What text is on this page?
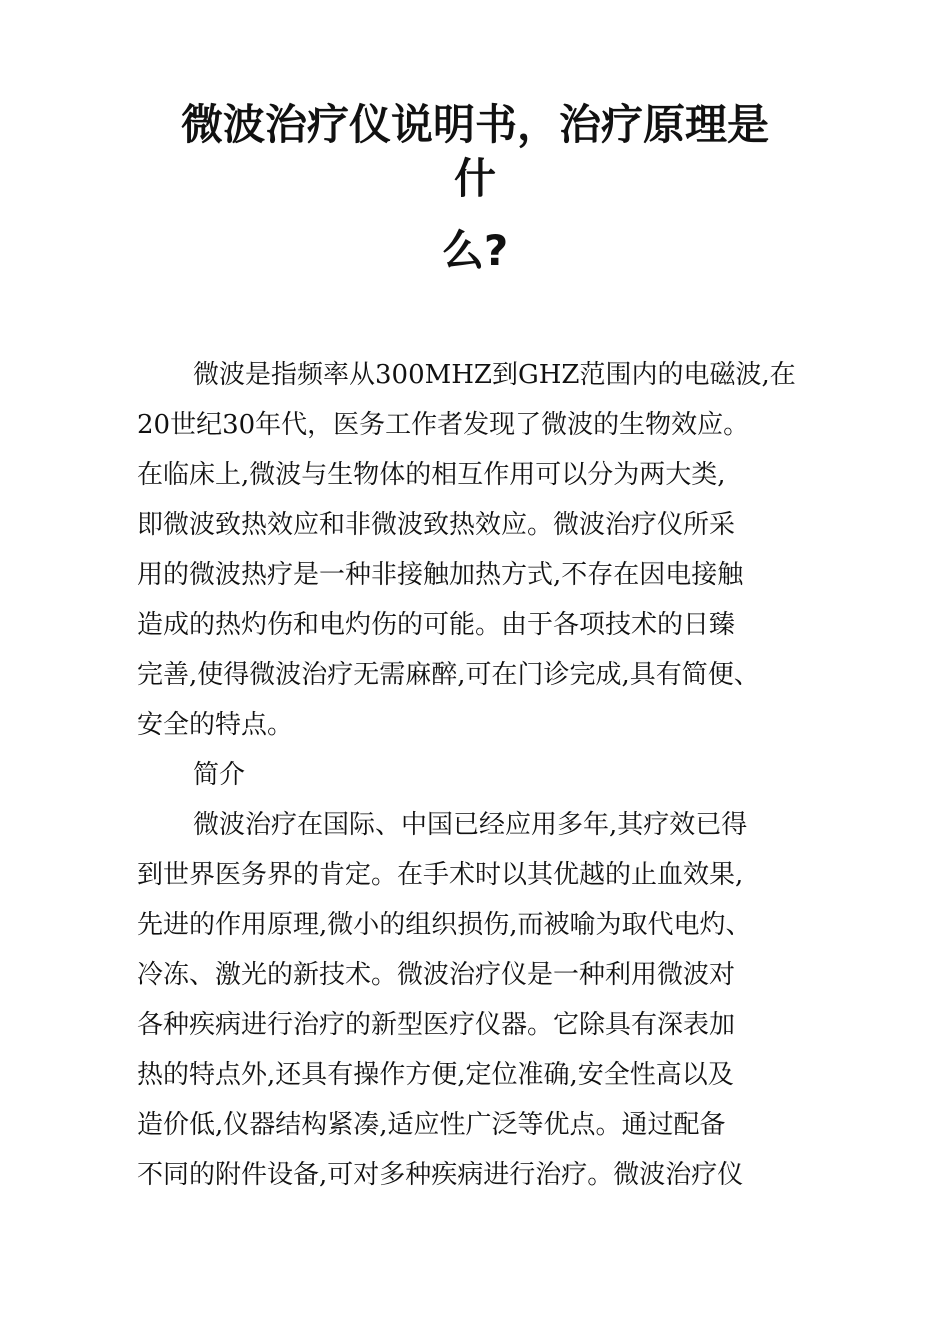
微波治疗仪说明书，治疗原理是
什
么?

微波是指频率从300MHZ到GHZ范围内的电磁波,在

20世纪30年代，医务工作者发现了微波的生物效应。

在临床上,微波与生物体的相互作用可以分为两大类,

即微波致热效应和非微波致热效应。微波治疗仪所采

用的微波热疗是一种非接触加热方式,不存在因电接触

造成的热灼伤和电灼伤的可能。由于各项技术的日臻

完善,使得微波治疗无需麻醉,可在门诊完成,具有简便、

安全的特点。

简介

微波治疗在国际、中国已经应用多年,其疗效已得

到世界医务界的肯定。在手术时以其优越的止血效果,

先进的作用原理,微小的组织损伤,而被喻为取代电灼、

冷冻、激光的新技术。微波治疗仪是一种利用微波对

各种疾病进行治疗的新型医疗仪器。它除具有深表加

热的特点外,还具有操作方便,定位准确,安全性高以及

造价低,仪器结构紧凑,适应性广泛等优点。通过配备

不同的附件设备,可对多种疾病进行治疗。微波治疗仪
